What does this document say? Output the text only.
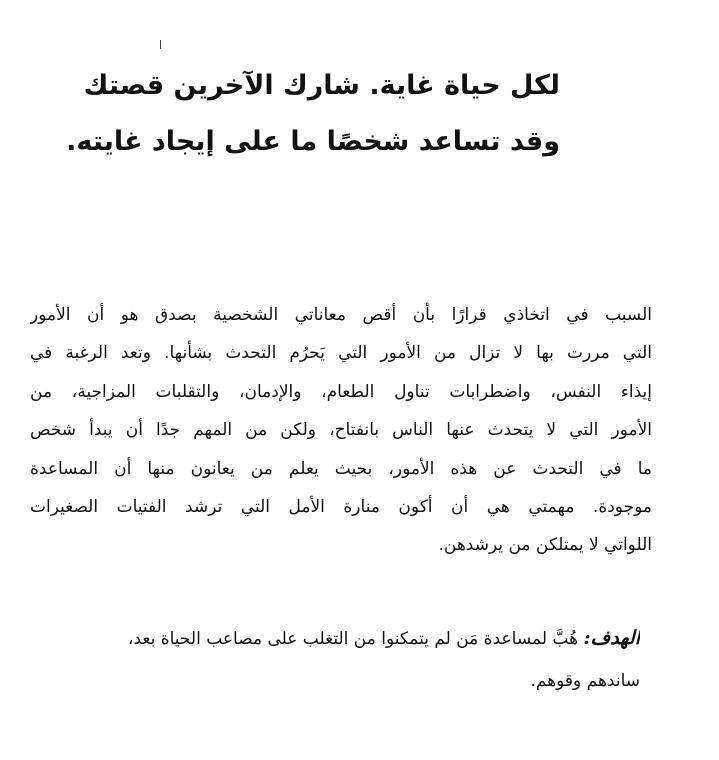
لكل حياة غاية. شارك الآخرين قصتك
وقد تساعد شخصًا ما على إيجاد غايته.
السبب في اتخاذي قرارًا بأن أقص معاناتي الشخصية بصدق هو أن الأمور
التي مررت بها لا تزال من الأمور التي يَحرُم التحدث بشأنها. وتعد الرغبة في
إيذاء النفس، واضطرابات تناول الطعام، والإدمان، والتقلبات المزاجية، من
الأمور التي لا يتحدث عنها الناس بانفتاح، ولكن من المهم جدًا أن يبدأ شخص
ما في التحدث عن هذه الأمور، بحيث يعلم من يعانون منها أن المساعدة
موجودة. مهمتي هي أن أكون منارة الأمل التي ترشد الفتيات الصغيرات
اللواتي لا يمتلكن من يرشدهن.
الهدف: هُبَّ لمساعدة مَن لم يتمكنوا من التغلب على مصاعب الحياة بعد،
ساندهم وقوهم.
